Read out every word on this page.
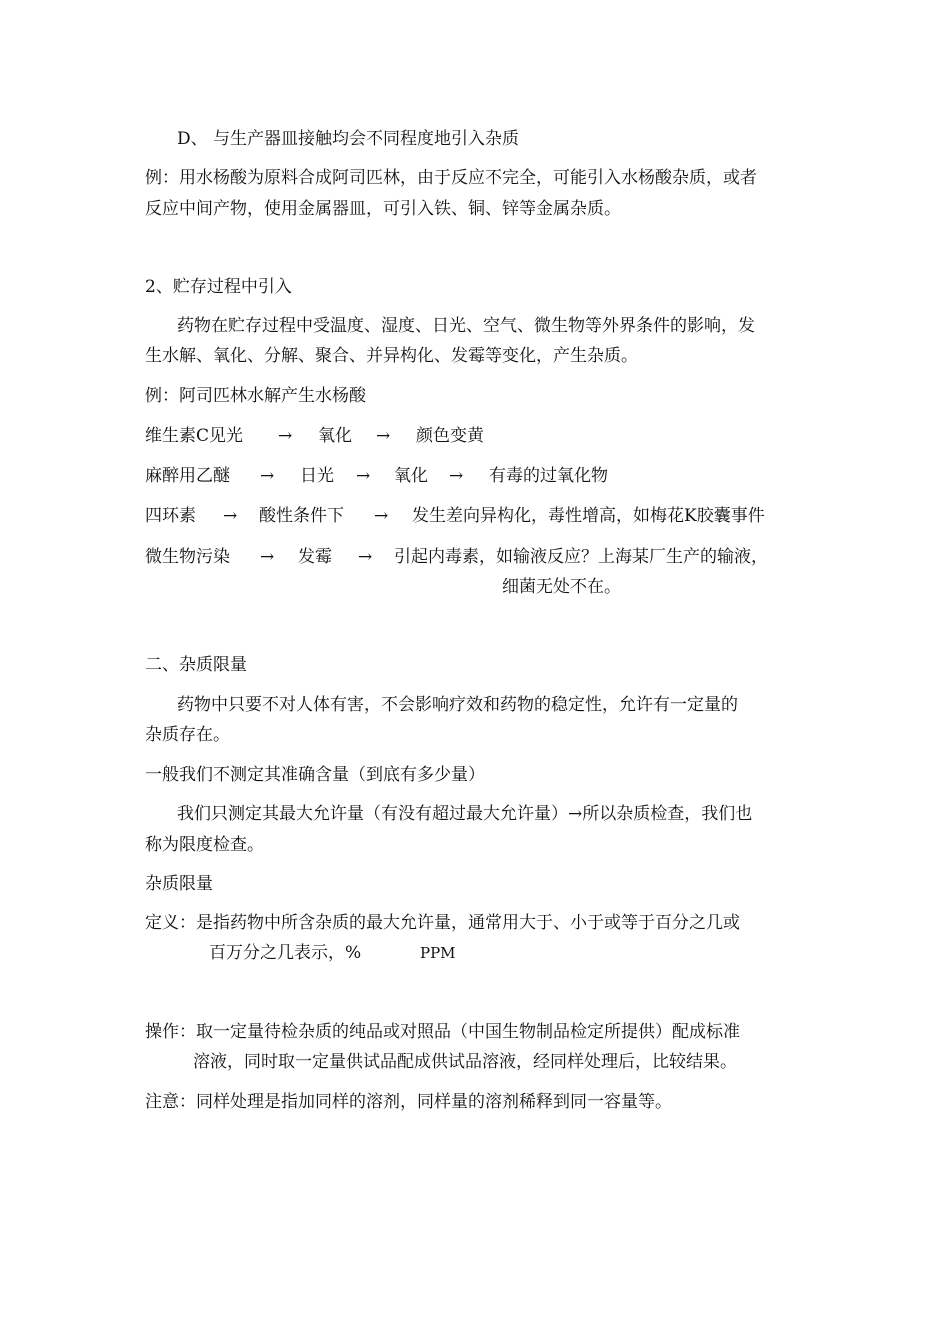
D、 与生产器皿接触均会不同程度地引入杂质
例：用水杨酸为原料合成阿司匹林，由于反应不完全，可能引入水杨酸杂质，或者
反应中间产物，使用金属器皿，可引入铁、铜、锌等金属杂质。
2、贮存过程中引入
药物在贮存过程中受温度、湿度、日光、空气、微生物等外界条件的影响，发
生水解、氧化、分解、聚合、并异构化、发霉等变化，产生杂质。
例：阿司匹林水解产生水杨酸
维生素C见光	→	氧化	→	颜色变黄
麻醉用乙醚	→	日光	→	氧化	→	有毒的过氧化物
四环素	→	酸性条件下	→	发生差向异构化，毒性增高，如梅花K胶囊事件
微生物污染	→	发霉	→	引起内毒素，如输液反应？上海某厂生产的输液，
细菌无处不在。
二、杂质限量
药物中只要不对人体有害，不会影响疗效和药物的稳定性，允许有一定量的
杂质存在。
一般我们不测定其准确含量（到底有多少量）
我们只测定其最大允许量（有没有超过最大允许量）→所以杂质检查，我们也
称为限度检查。
杂质限量
定义：是指药物中所含杂质的最大允许量，通常用大于、小于或等于百分之几或
百万分之几表示，%	PPM
操作：取一定量待检杂质的纯品或对照品（中国生物制品检定所提供）配成标准
溶液，同时取一定量供试品配成供试品溶液，经同样处理后，比较结果。
注意：同样处理是指加同样的溶剂，同样量的溶剂稀释到同一容量等。
